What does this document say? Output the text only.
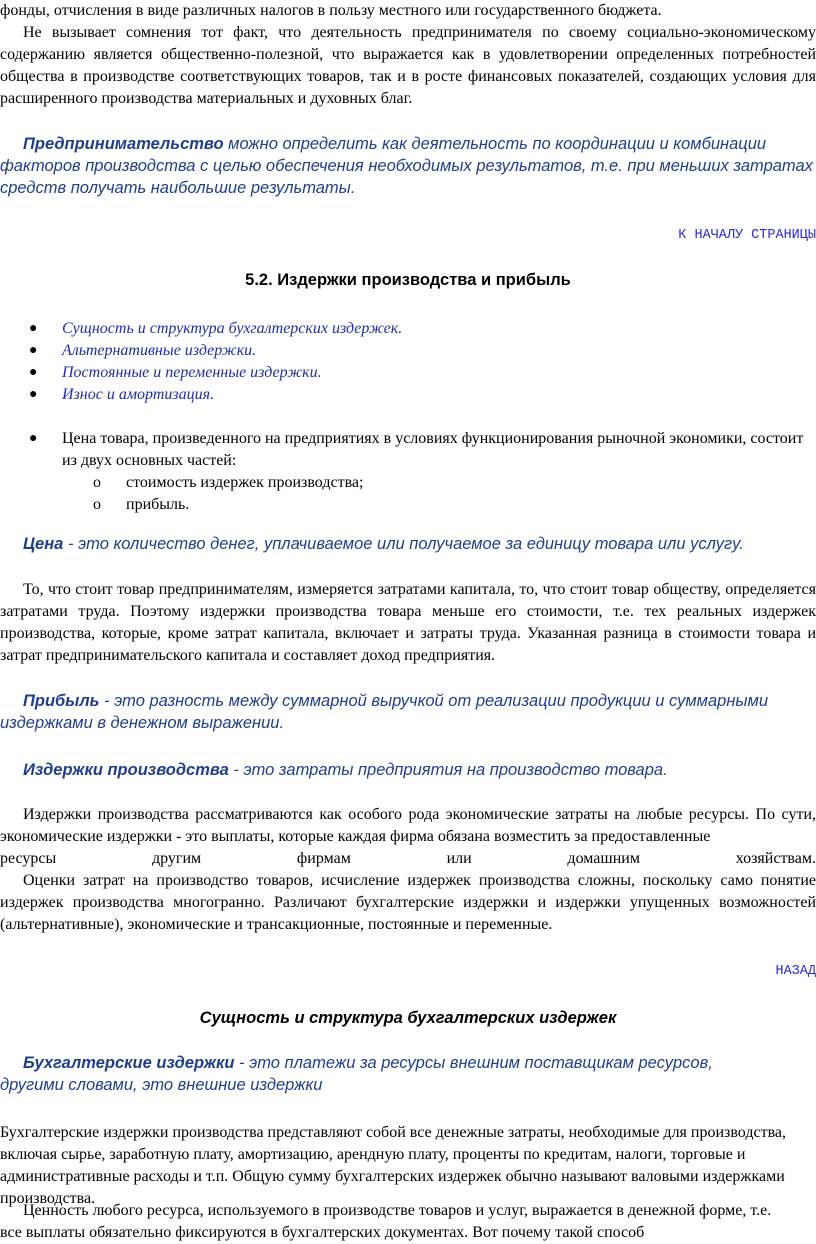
фонды, отчисления в виде различных налогов в пользу местного или государственного бюджета.

Не вызывает сомнения тот факт, что деятельность предпринимателя по своему социально-экономическому содержанию является общественно-полезной, что выражается как в удовлетворении определенных потребностей общества в производстве соответствующих товаров, так и в росте финансовых показателей, создающих условия для расширенного производства материальных и духовных благ.

Предпринимательство можно определить как деятельность по координации и комбинации факторов производства с целью обеспечения необходимых результатов, т.е. при меньших затратах средств получать наибольшие результаты.

К НАЧАЛУ СТРАНИЦЫ
5.2. Издержки производства и прибыль
● Сущность и структура бухгалтерских издержек.
● Альтернативные издержки.
● Постоянные и переменные издержки.
● Износ и амортизация.
● Цена товара, произведенного на предприятиях в условиях функционирования рыночной экономики, состоит из двух основных частей:
o стоимость издержек производства;
o прибыль.

Цена - это количество денег, уплачиваемое или получаемое за единицу товара или услугу.

То, что стоит товар предпринимателям, измеряется затратами капитала, то, что стоит товар обществу, определяется затратами труда. Поэтому издержки производства товара меньше его стоимости, т.е. тех реальных издержек производства, которые, кроме затрат капитала, включает и затраты труда. Указанная разница в стоимости товара и затрат предпринимательского капитала и составляет доход предприятия.

Прибыль - это разность между суммарной выручкой от реализации продукции и суммарными издержками в денежном выражении.

Издержки производства - это затраты предприятия на производство товара.

Издержки производства рассматриваются как особого рода экономические затраты на любые ресурсы. По сути, экономические издержки - это выплаты, которые каждая фирма обязана возместить за предоставленные

ресурсы другим фирмам или домашним хозяйствам.

Оценки затрат на производство товаров, исчисление издержек производства сложны, поскольку само понятие издержек производства многогранно. Различают бухгалтерские издержки и издержки упущенных возможностей (альтернативные), экономические и трансакционные, постоянные и переменные.

НАЗАД
Сущность и структура бухгалтерских издержек

Бухгалтерские издержки - это платежи за ресурсы внешним поставщикам ресурсов, другими словами, это внешние издержки

Бухгалтерские издержки производства представляют собой все денежные затраты, необходимые для производства, включая сырье, заработную плату, амортизацию, арендную плату, проценты по кредитам, налоги, торговые и административные расходы и т.п. Общую сумму бухгалтерских издержек обычно называют валовыми издержками производства.

Ценность любого ресурса, используемого в производстве товаров и услуг, выражается в денежной форме, т.е. все выплаты обязательно фиксируются в бухгалтерских документах. Вот почему такой способ
